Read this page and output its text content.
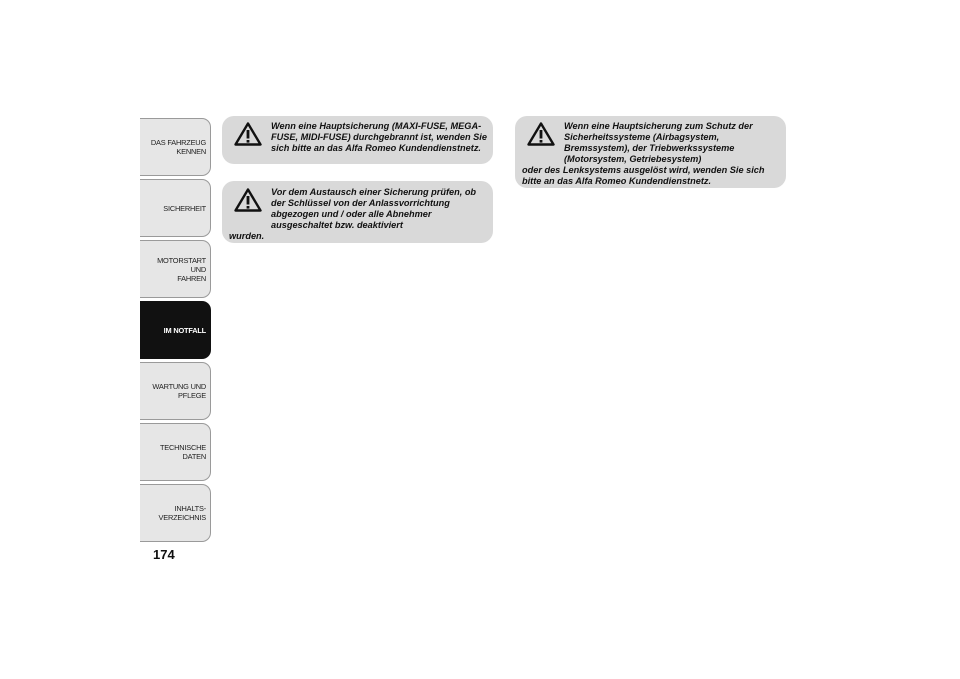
DAS FAHRZEUG
KENNEN
SICHERHEIT
MOTORSTART UND
FAHREN
IM NOTFALL
WARTUNG UND
PFLEGE
TECHNISCHE DATEN
INHALTS-
VERZEICHNIS
174
Wenn eine Hauptsicherung (MAXI-FUSE, MEGA-FUSE, MIDI-FUSE) durchgebrannt ist, wenden Sie sich bitte an das Alfa Romeo Kundendienstnetz.
Vor dem Austausch einer Sicherung prüfen, ob der Schlüssel von der Anlassvorrichtung abgezogen und / oder alle Abnehmer ausgeschaltet bzw. deaktiviert
wurden.
Wenn eine Hauptsicherung zum Schutz der Sicherheitssysteme (Airbagsystem, Bremssystem), der Triebwerkssysteme (Motorsystem, Getriebesystem)
oder des Lenksystems ausgelöst wird, wenden Sie sich bitte an das Alfa Romeo Kundendienstnetz.
